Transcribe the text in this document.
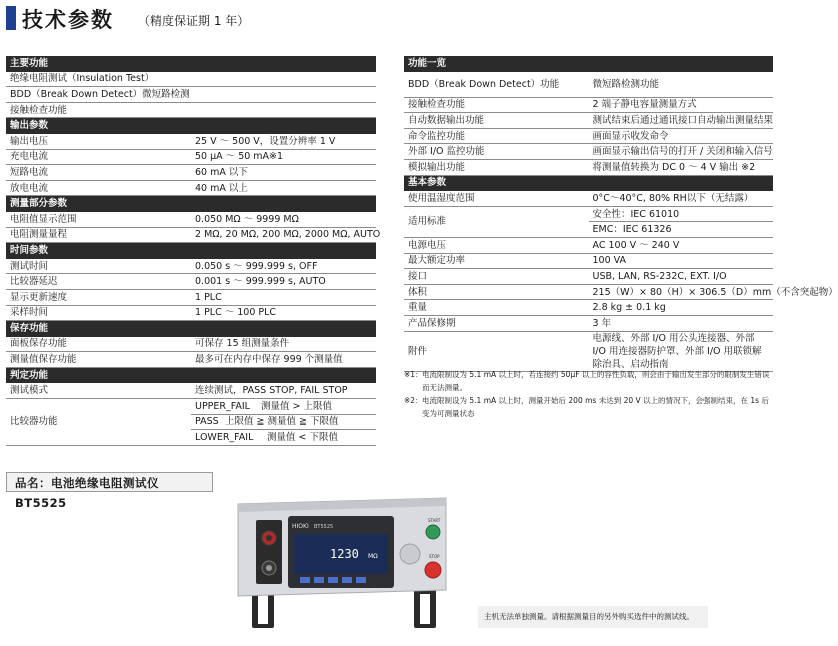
技术参数 （精度保证期 1 年）
主要功能	
绝缘电阻测试（Insulation Test）	
BDD（Break Down Detect）微短路检测	
接触检查功能	
输出参数	
输出电压	25 V ～ 500 V，设置分辨率 1 V
充电电流	50 μA ～ 50 mA※1
短路电流	60 mA 以下
放电电流	40 mA 以上
测量部分参数	
电阻值显示范围	0.050 MΩ ～ 9999 MΩ
电阻测量量程	2 MΩ, 20 MΩ, 200 MΩ, 2000 MΩ, AUTO
时间参数	
测试时间	0.050 s ～ 999.999 s, OFF
比较器延迟	0.001 s ～ 999.999 s, AUTO
显示更新速度	1 PLC
采样时间	1 PLC ～ 100 PLC
保存功能	
面板保存功能	可保存 15 组测量条件
测量值保存功能	最多可在内存中保存 999 个测量值
判定功能	
测试模式	连续测试，PASS STOP, FAIL STOP
比较器功能	UPPER_FAIL 测量值 > 上限值
	PASS 上限值 ≧ 测量值 ≧ 下限值
	LOWER_FAIL 测量值 < 下限值
功能一览	
BDD（Break Down Detect）功能	微短路检测功能
接触检查功能	2 端子静电容量测量方式
自动数据输出功能	测试结束后通过通讯接口自动输出测量结果
命令监控功能	画面显示收发命令
外部 I/O 监控功能	画面显示输出信号的打开 / 关闭和输入信号
模拟输出功能	将测量值转换为 DC 0 ～ 4 V 输出 ※2
基本参数	
使用温湿度范围	0°C～40°C, 80% RH以下（无结露）
适用标准	安全性：IEC 61010
	EMC：IEC 61326
电源电压	AC 100 V ～ 240 V
最大额定功率	100 VA
接口	USB, LAN, RS-232C, EXT. I/O
体积	215（W）× 80（H）× 306.5（D）mm（不含突起物）
重量	2.8 kg ± 0.1 kg
产品保修期	3 年
附件	电源线、外部 I/O 用公头连接器、外部 I/O 用连接器防护罩、外部 I/O 用联锁解除治具、启动指南
※1： 电流限制设为 5.1 mA 以上时，若连接约 50μF 以上的容性负载，则会由于输出发生部分的限制发生错误而无法测量。
※2： 电流限制设为 5.1 mA 以上时，测量开始后 200 ms 未达到 20 V 以上的情况下，会强制结束，在 1s 后变为可测量状态
品名：电池绝缘电阻测试仪 BT5525
HIOKI BT5525
1230 MΩ
START
STOP
主机无法单独测量。请根据测量目的另外购买选件中的测试线。
